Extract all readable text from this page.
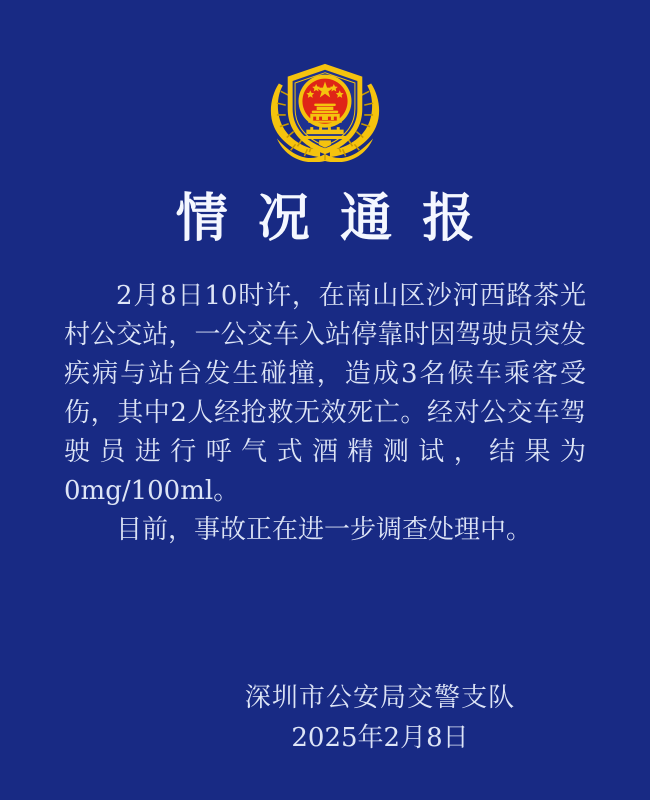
情况通报

2月8日10时许，在南山区沙河西路茶光村公交站，一公交车入站停靠时因驾驶员突发疾病与站台发生碰撞，造成3名候车乘客受伤，其中2人经抢救无效死亡。经对公交车驾驶员进行呼气式酒精测试，结果为0mg/100ml。

目前，事故正在进一步调查处理中。

深圳市公安局交警支队
2025年2月8日
